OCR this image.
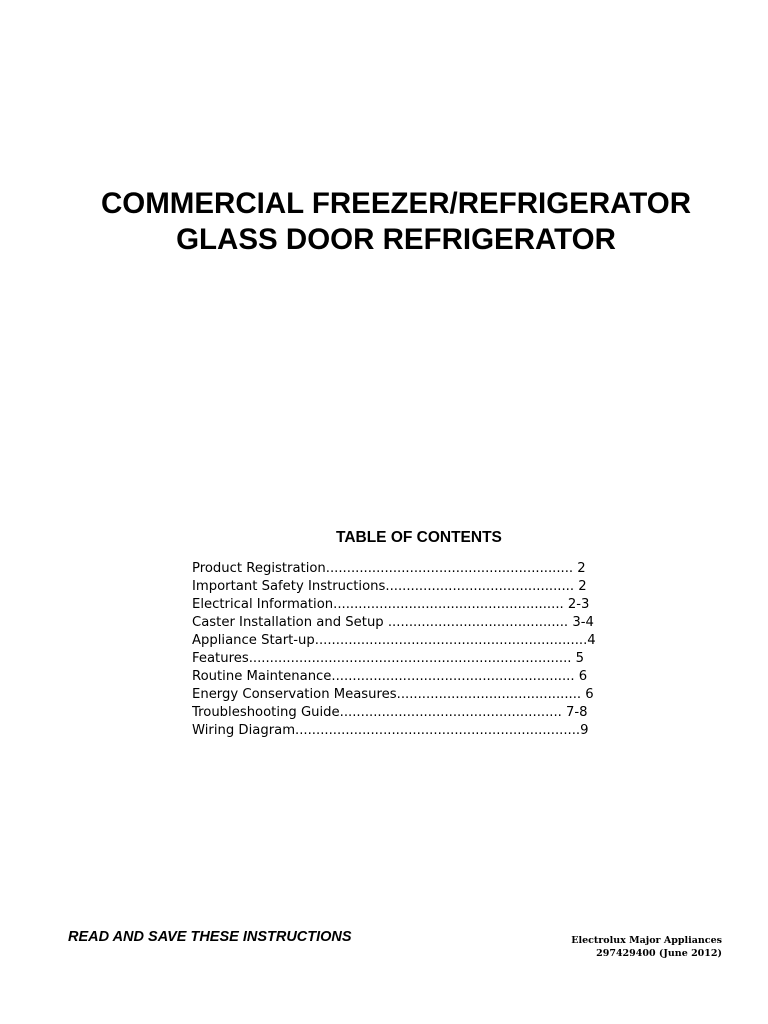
COMMERCIAL FREEZER/REFRIGERATOR
GLASS DOOR REFRIGERATOR
TABLE OF CONTENTS
Product Registration........................................................... 2
Important Safety Instructions............................................. 2
Electrical Information....................................................... 2-3
Caster Installation and Setup ........................................... 3-4
Appliance Start-up.................................................................4
Features............................................................................. 5
Routine Maintenance.......................................................... 6
Energy Conservation Measures............................................ 6
Troubleshooting Guide..................................................... 7-8
Wiring Diagram....................................................................9
READ AND SAVE THESE INSTRUCTIONS	Electrolux Major Appliances
297429400 (June 2012)
